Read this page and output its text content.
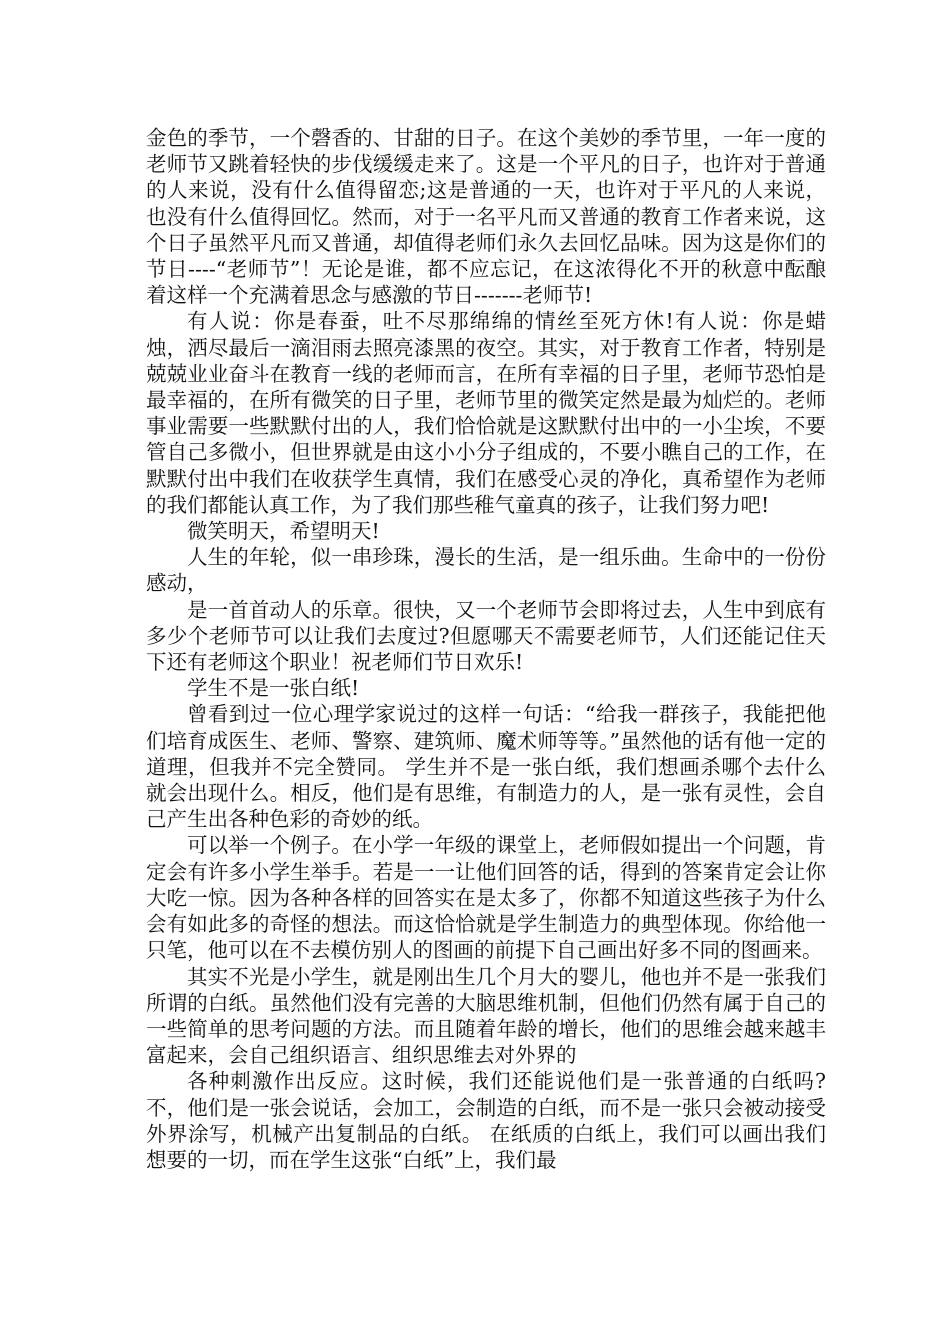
金色的季节，一个磬香的、甘甜的日子。在这个美妙的季节里，一年一度的老师节又跳着轻快的步伐缓缓走来了。这是一个平凡的日子，也许对于普通的人来说，没有什么值得留恋;这是普通的一天，也许对于平凡的人来说，也没有什么值得回忆。然而，对于一名平凡而又普通的教育工作者来说，这个日子虽然平凡而又普通，却值得老师们永久去回忆品味。因为这是你们的节日----“老师节”！无论是谁，都不应忘记，在这浓得化不开的秋意中酝酿着这样一个充满着思念与感激的节日-------老师节!

有人说：你是春蚕，吐不尽那绵绵的情丝至死方休!有人说：你是蜡烛，洒尽最后一滴泪雨去照亮漆黑的夜空。其实，对于教育工作者，特别是兢兢业业奋斗在教育一线的老师而言，在所有幸福的日子里，老师节恐怕是最幸福的，在所有微笑的日子里，老师节里的微笑定然是最为灿烂的。老师事业需要一些默默付出的人，我们恰恰就是这默默付出中的一小尘埃，不要管自己多微小，但世界就是由这小小分子组成的，不要小瞧自己的工作，在默默付出中我们在收获学生真情，我们在感受心灵的净化，真希望作为老师的我们都能认真工作，为了我们那些稚气童真的孩子，让我们努力吧!

微笑明天，希望明天!

人生的年轮，似一串珍珠，漫长的生活，是一组乐曲。生命中的一份份感动，

是一首首动人的乐章。很快，又一个老师节会即将过去，人生中到底有多少个老师节可以让我们去度过?但愿哪天不需要老师节，人们还能记住天下还有老师这个职业！祝老师们节日欢乐!

学生不是一张白纸!

曾看到过一位心理学家说过的这样一句话：“给我一群孩子，我能把他们培育成医生、老师、警察、建筑师、魔术师等等。”虽然他的话有他一定的道理，但我并不完全赞同。 学生并不是一张白纸，我们想画杀哪个去什么就会出现什么。相反，他们是有思维，有制造力的人，是一张有灵性，会自己产生出各种色彩的奇妙的纸。

可以举一个例子。在小学一年级的课堂上，老师假如提出一个问题，肯定会有许多小学生举手。若是一一让他们回答的话，得到的答案肯定会让你大吃一惊。因为各种各样的回答实在是太多了，你都不知道这些孩子为什么会有如此多的奇怪的想法。而这恰恰就是学生制造力的典型体现。你给他一只笔，他可以在不去模仿别人的图画的前提下自己画出好多不同的图画来。

其实不光是小学生，就是刚出生几个月大的婴儿，他也并不是一张我们所谓的白纸。虽然他们没有完善的大脑思维机制，但他们仍然有属于自己的一些简单的思考问题的方法。而且随着年龄的增长，他们的思维会越来越丰富起来，会自己组织语言、组织思维去对外界的

各种刺激作出反应。这时候，我们还能说他们是一张普通的白纸吗?不，他们是一张会说话，会加工，会制造的白纸，而不是一张只会被动接受外界涂写，机械产出复制品的白纸。 在纸质的白纸上，我们可以画出我们想要的一切，而在学生这张“白纸”上，我们最
